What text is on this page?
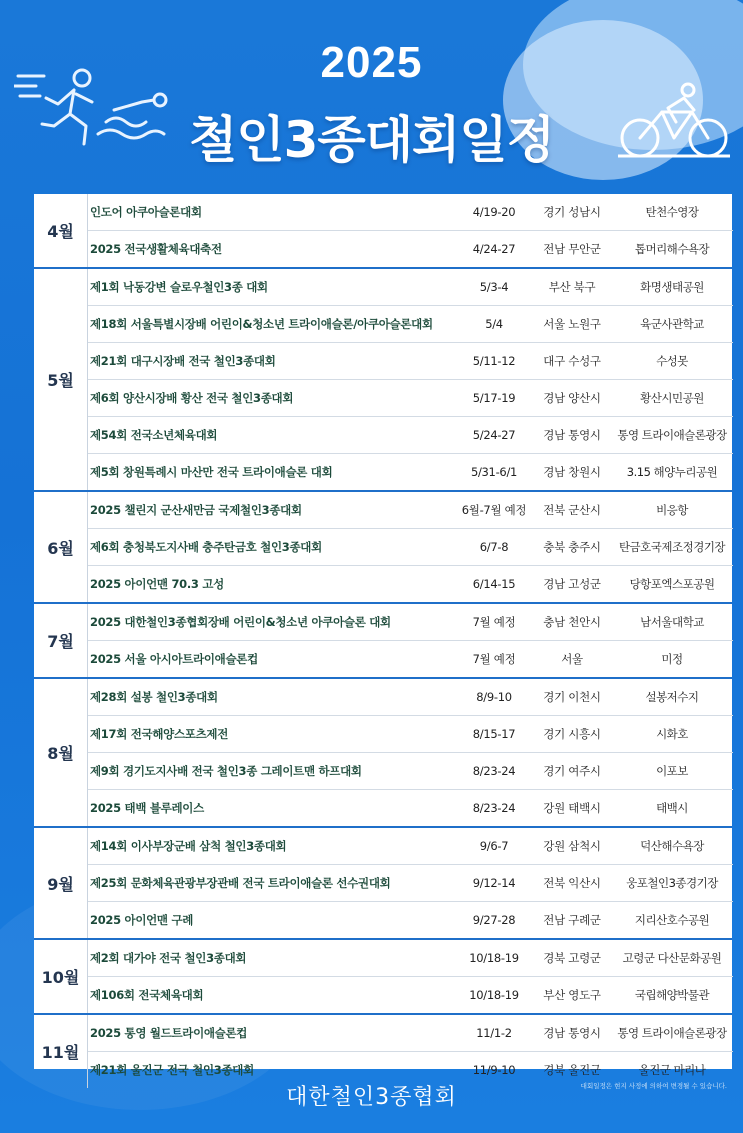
2025
철인3종대회일정
4월
인도어 아쿠아슬론대회	4/19-20	경기 성남시	탄천수영장
2025 전국생활체육대축전	4/24-27	전남 무안군	톱머리해수욕장
5월
제1회 낙동강변 슬로우철인3종 대회	5/3-4	부산 북구	화명생태공원
제18회 서울특별시장배 어린이&청소년 트라이애슬론/아쿠아슬론대회	5/4	서울 노원구	육군사관학교
제21회 대구시장배 전국 철인3종대회	5/11-12	대구 수성구	수성못
제6회 양산시장배 황산 전국 철인3종대회	5/17-19	경남 양산시	황산시민공원
제54회 전국소년체육대회	5/24-27	경남 통영시	통영 트라이애슬론광장
제5회 창원특례시 마산만 전국 트라이애슬론 대회	5/31-6/1	경남 창원시	3.15 해양누리공원
6월
2025 챌린지 군산새만금 국제철인3종대회	6월-7월 예정	전북 군산시	비응항
제6회 충청북도지사배 충주탄금호 철인3종대회	6/7-8	충북 충주시	탄금호국제조정경기장
2025 아이언맨 70.3 고성	6/14-15	경남 고성군	당항포엑스포공원
7월
2025 대한철인3종협회장배 어린이&청소년 아쿠아슬론 대회	7월 예정	충남 천안시	남서울대학교
2025 서울 아시아트라이애슬론컵	7월 예정	서울	미정
8월
제28회 설봉 철인3종대회	8/9-10	경기 이천시	설봉저수지
제17회 전국해양스포츠제전	8/15-17	경기 시흥시	시화호
제9회 경기도지사배 전국 철인3종 그레이트맨 하프대회	8/23-24	경기 여주시	이포보
2025 태백 블루레이스	8/23-24	강원 태백시	태백시
9월
제14회 이사부장군배 삼척 철인3종대회	9/6-7	강원 삼척시	덕산해수욕장
제25회 문화체육관광부장관배 전국 트라이애슬론 선수권대회	9/12-14	전북 익산시	웅포철인3종경기장
2025 아이언맨 구례	9/27-28	전남 구례군	지리산호수공원
10월
제2회 대가야 전국 철인3종대회	10/18-19	경북 고령군	고령군 다산문화공원
제106회 전국체육대회	10/18-19	부산 영도구	국립해양박물관
11월
2025 통영 월드트라이애슬론컵	11/1-2	경남 통영시	통영 트라이애슬론광장
제21회 울진군 전국 철인3종대회	11/9-10	경북 울진군	울진군 마리나
대한철인3종협회	대회일정은 현지 사정에 의하여 변경될 수 있습니다.
